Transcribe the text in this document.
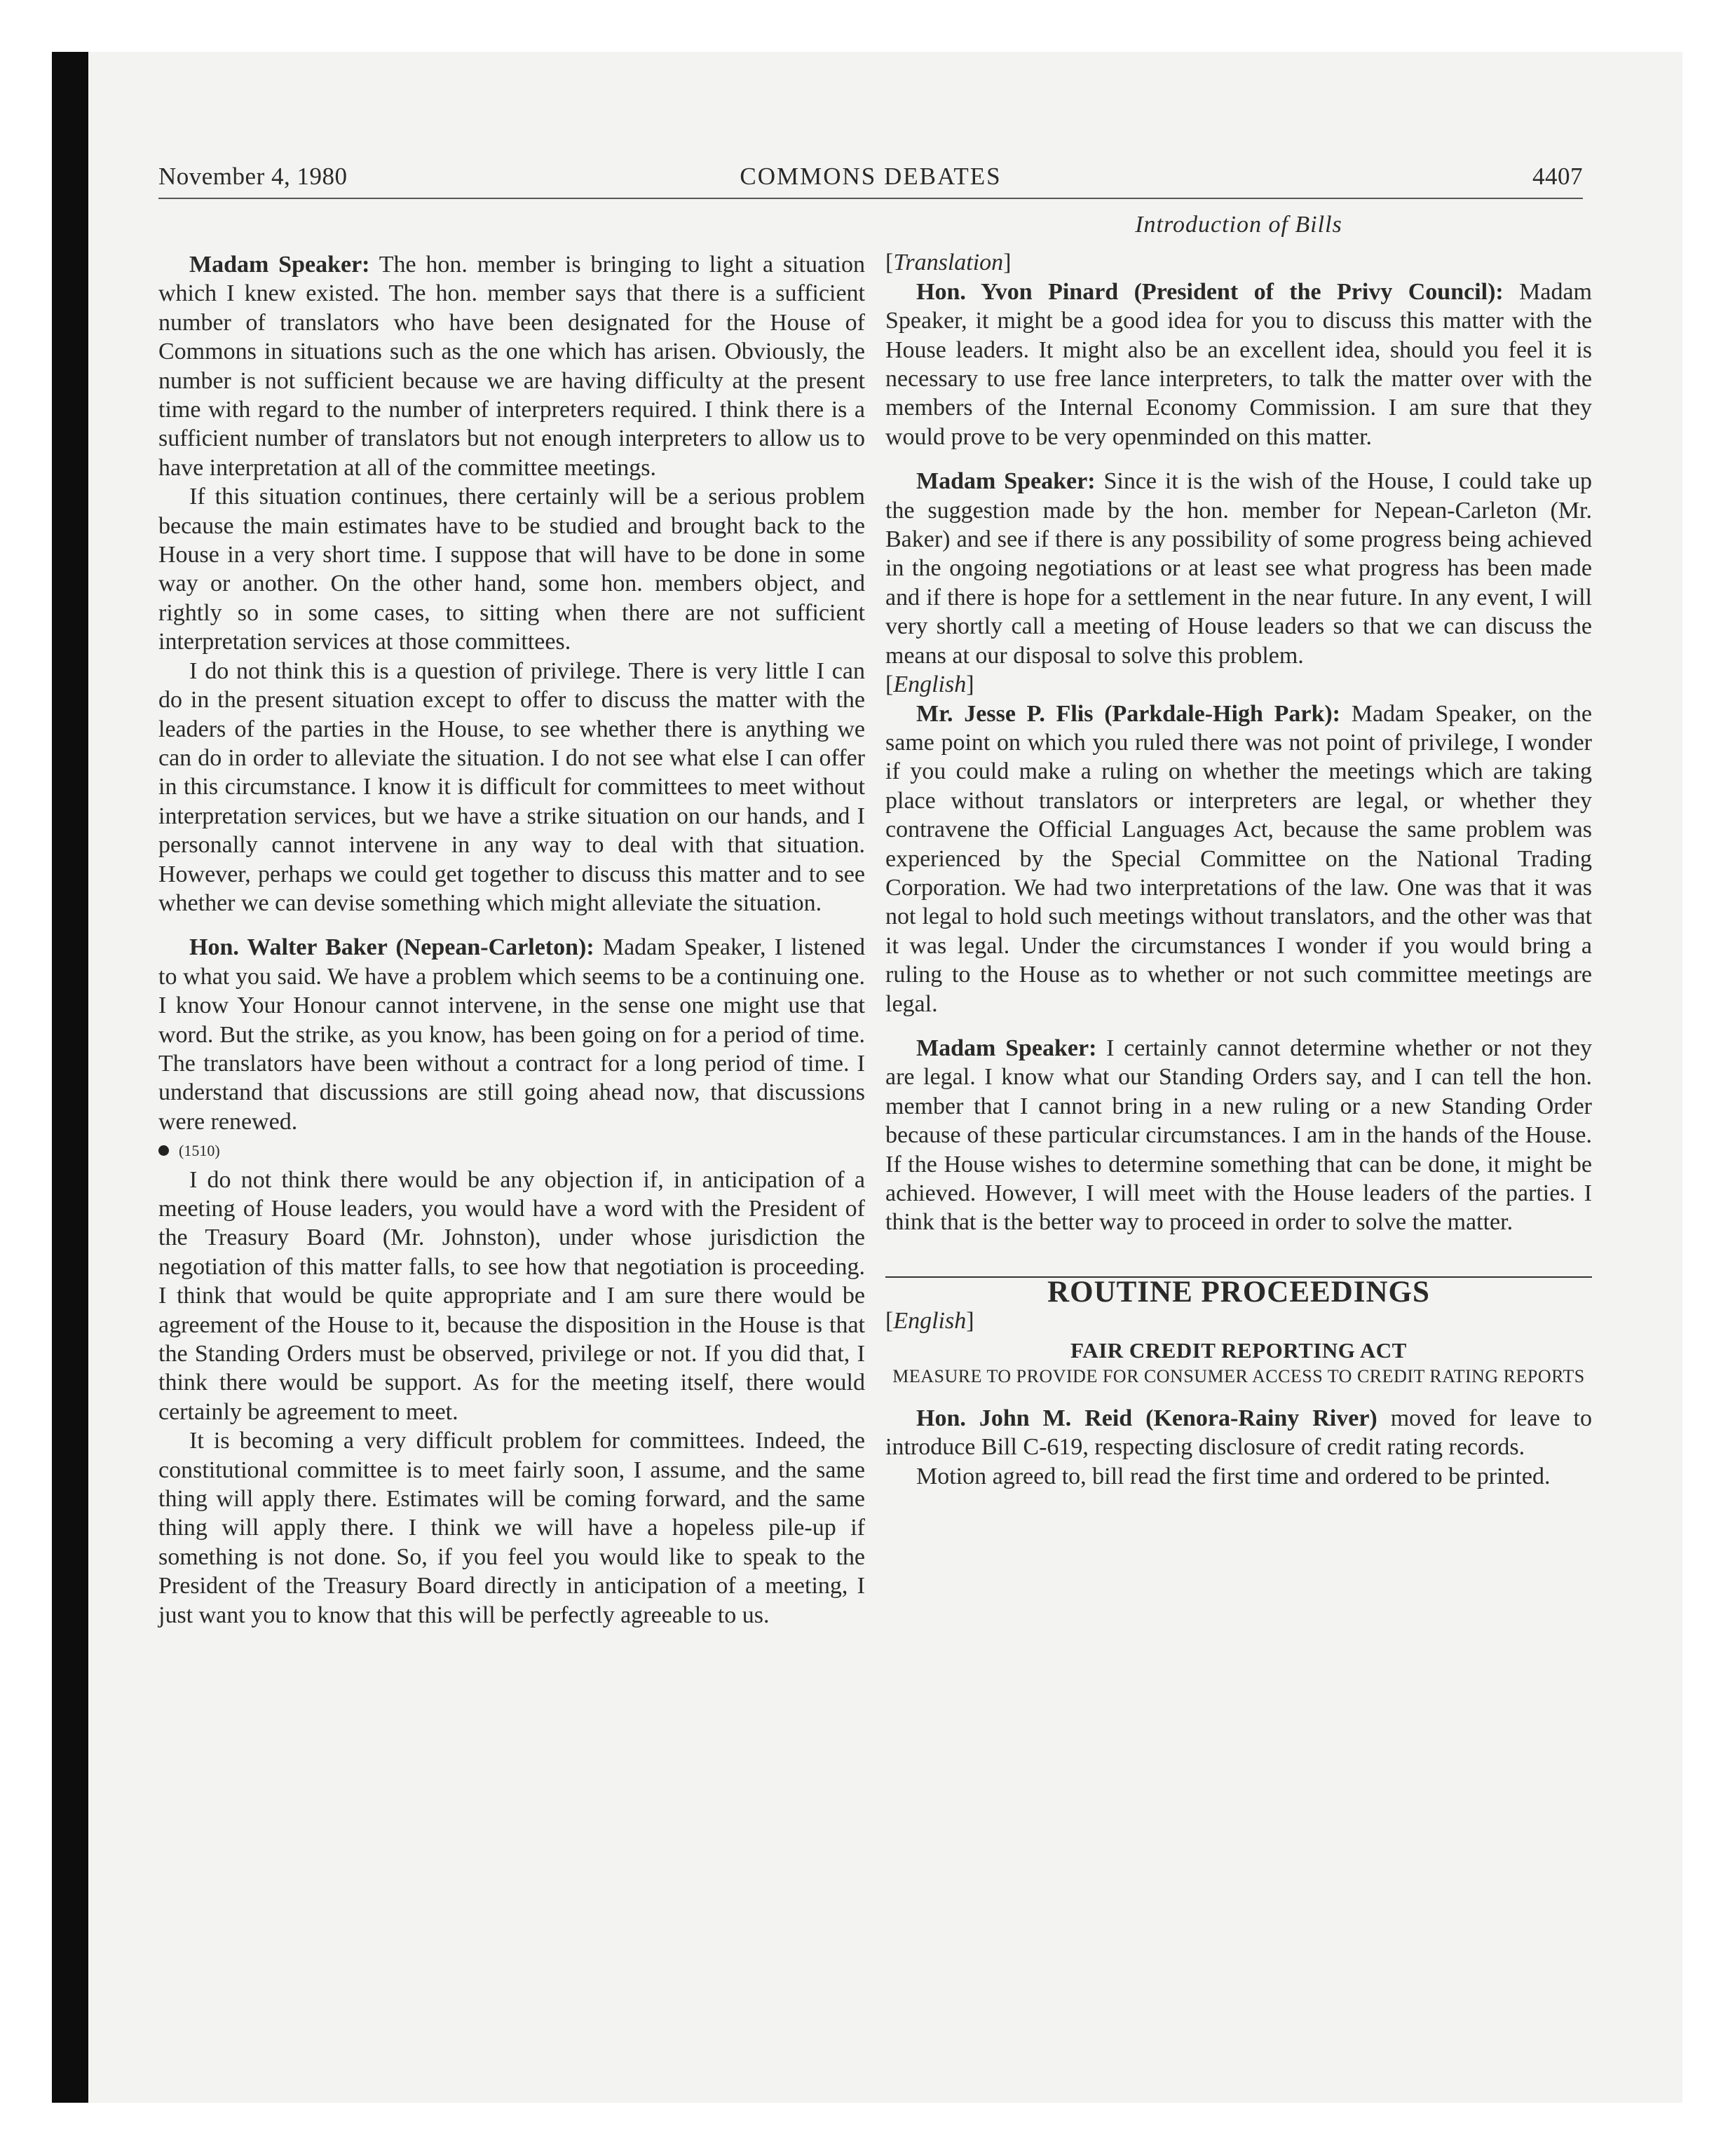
November 4, 1980	COMMONS DEBATES	4407

Madam Speaker: The hon. member is bringing to light a situation which I knew existed. The hon. member says that there is a sufficient number of translators who have been designated for the House of Commons in situations such as the one which has arisen. Obviously, the number is not sufficient because we are having difficulty at the present time with regard to the number of interpreters required. I think there is a sufficient number of translators but not enough interpreters to allow us to have interpretation at all of the committee meetings.

If this situation continues, there certainly will be a serious problem because the main estimates have to be studied and brought back to the House in a very short time. I suppose that will have to be done in some way or another. On the other hand, some hon. members object, and rightly so in some cases, to sitting when there are not sufficient interpretation services at those committees.

I do not think this is a question of privilege. There is very little I can do in the present situation except to offer to discuss the matter with the leaders of the parties in the House, to see whether there is anything we can do in order to alleviate the situation. I do not see what else I can offer in this circumstance. I know it is difficult for committees to meet without interpretation services, but we have a strike situation on our hands, and I personally cannot intervene in any way to deal with that situation. However, perhaps we could get together to discuss this matter and to see whether we can devise something which might alleviate the situation.

Hon. Walter Baker (Nepean-Carleton): Madam Speaker, I listened to what you said. We have a problem which seems to be a continuing one. I know Your Honour cannot intervene, in the sense one might use that word. But the strike, as you know, has been going on for a period of time. The translators have been without a contract for a long period of time. I understand that discussions are still going ahead now, that discussions were renewed.

(1510)

I do not think there would be any objection if, in anticipation of a meeting of House leaders, you would have a word with the President of the Treasury Board (Mr. Johnston), under whose jurisdiction the negotiation of this matter falls, to see how that negotiation is proceeding. I think that would be quite appropriate and I am sure there would be agreement of the House to it, because the disposition in the House is that the Standing Orders must be observed, privilege or not. If you did that, I think there would be support. As for the meeting itself, there would certainly be agreement to meet.

It is becoming a very difficult problem for committees. Indeed, the constitutional committee is to meet fairly soon, I assume, and the same thing will apply there. Estimates will be coming forward, and the same thing will apply there. I think we will have a hopeless pile-up if something is not done. So, if you feel you would like to speak to the President of the Treasury Board directly in anticipation of a meeting, I just want you to know that this will be perfectly agreeable to us.

Introduction of Bills

[Translation]

Hon. Yvon Pinard (President of the Privy Council): Madam Speaker, it might be a good idea for you to discuss this matter with the House leaders. It might also be an excellent idea, should you feel it is necessary to use free lance interpreters, to talk the matter over with the members of the Internal Economy Commission. I am sure that they would prove to be very openminded on this matter.

Madam Speaker: Since it is the wish of the House, I could take up the suggestion made by the hon. member for Nepean-Carleton (Mr. Baker) and see if there is any possibility of some progress being achieved in the ongoing negotiations or at least see what progress has been made and if there is hope for a settlement in the near future. In any event, I will very shortly call a meeting of House leaders so that we can discuss the means at our disposal to solve this problem.

[English]

Mr. Jesse P. Flis (Parkdale-High Park): Madam Speaker, on the same point on which you ruled there was not point of privilege, I wonder if you could make a ruling on whether the meetings which are taking place without translators or interpreters are legal, or whether they contravene the Official Languages Act, because the same problem was experienced by the Special Committee on the National Trading Corporation. We had two interpretations of the law. One was that it was not legal to hold such meetings without translators, and the other was that it was legal. Under the circumstances I wonder if you would bring a ruling to the House as to whether or not such committee meetings are legal.

Madam Speaker: I certainly cannot determine whether or not they are legal. I know what our Standing Orders say, and I can tell the hon. member that I cannot bring in a new ruling or a new Standing Order because of these particular circumstances. I am in the hands of the House. If the House wishes to determine something that can be done, it might be achieved. However, I will meet with the House leaders of the parties. I think that is the better way to proceed in order to solve the matter.

ROUTINE PROCEEDINGS

[English]

FAIR CREDIT REPORTING ACT

MEASURE TO PROVIDE FOR CONSUMER ACCESS TO CREDIT RATING REPORTS

Hon. John M. Reid (Kenora-Rainy River) moved for leave to introduce Bill C-619, respecting disclosure of credit rating records.

Motion agreed to, bill read the first time and ordered to be printed.
